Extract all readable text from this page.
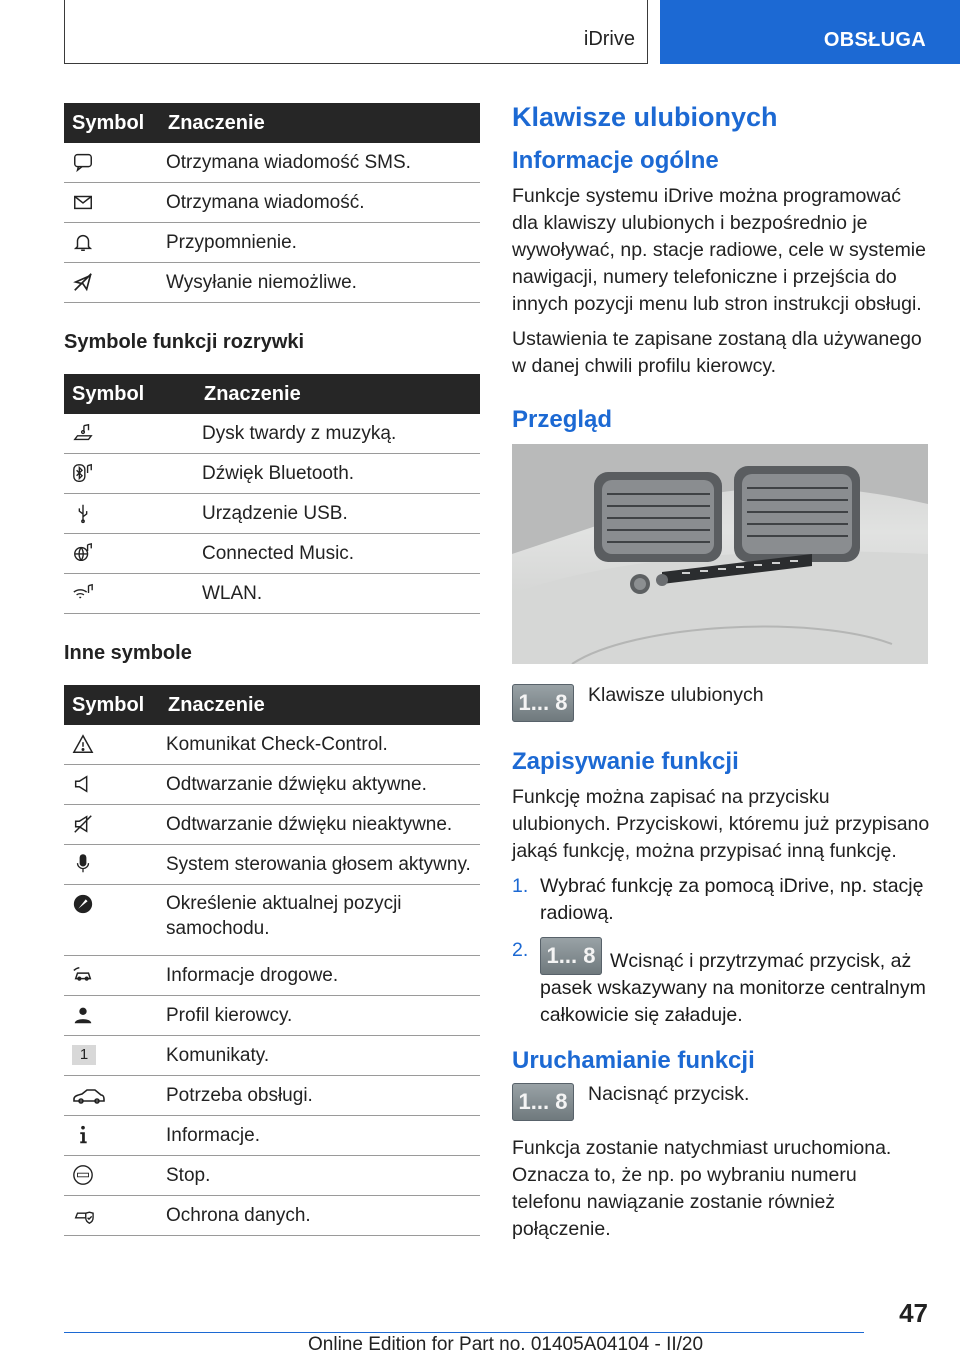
iDrive	OBSŁUGA
Symbol	Znaczenie

	Otrzymana wiadomość SMS.

	Otrzymana wiadomość.

	Przypomnienie.

	Wysyłanie niemożliwe.
Symbole funkcji rozrywki
Symbol	Znaczenie

	Dysk twardy z muzyką.

	Dźwięk Bluetooth.

	Urządzenie USB.

	Connected Music.

	WLAN.
Inne symbole
Symbol	Znaczenie

	Komunikat Check-Control.

	Odtwarzanie dźwięku aktywne.

	Odtwarzanie dźwięku nieaktywne.

	System sterowania głosem aktywny.

	Określenie aktualnej pozycji samochodu.

	Informacje drogowe.

	Profil kierowcy.
1	Komunikaty.

	Potrzeba obsługi.

	Informacje.

	Stop.

	Ochrona danych.
Klawisze ulubionych
Informacje ogólne

Funkcje systemu iDrive można programować dla klawiszy ulubionych i bezpośrednio je wywoływać, np. stacje radiowe, cele w systemie nawigacji, numery telefoniczne i przejścia do innych pozycji menu lub stron instrukcji obsługi.

Ustawienia te zapisane zostaną dla używanego w danej chwili profilu kierowcy.

Przegląd
1... 8	Klawisze ulubionych
Zapisywanie funkcji

Funkcję można zapisać na przycisku ulubionych. Przyciskowi, któremu już przypisano jakąś funkcję, można przypisać inną funkcję.

1. Wybrać funkcję za pomocą iDrive, np. stację radiową.
2. 1... 8 Wcisnąć i przytrzymać przycisk, aż pasek wskazywany na monitorze centralnym całkowicie się załaduje.
Uruchamianie funkcji
1... 8	Nacisnąć przycisk.

Funkcja zostanie natychmiast uruchomiona. Oznacza to, że np. po wybraniu numeru telefonu nawiązanie zostanie również połączenie.

47
Online Edition for Part no. 01405A04104 - II/20
